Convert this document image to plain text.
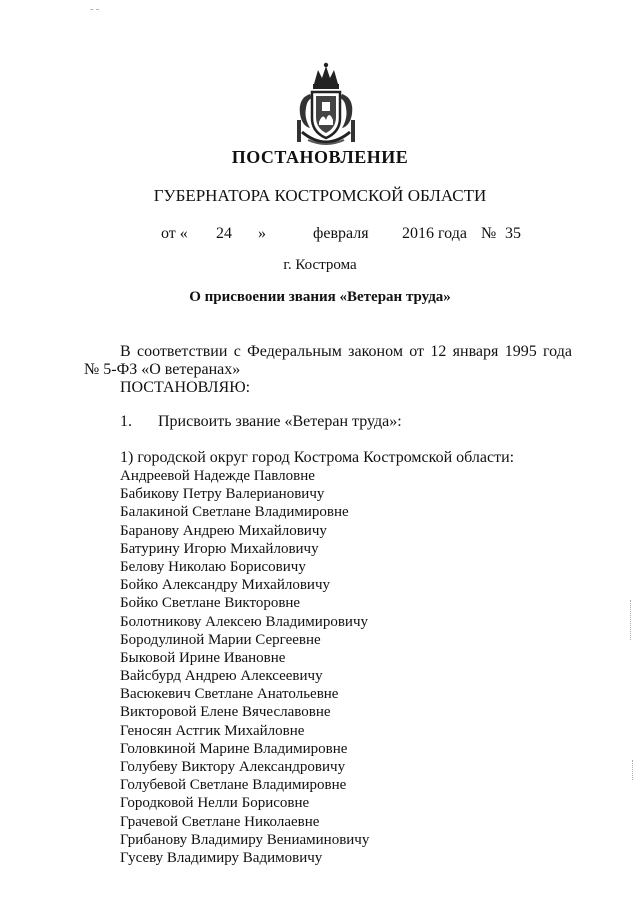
ПОСТАНОВЛЕНИЕ
ГУБЕРНАТОРА КОСТРОМСКОЙ ОБЛАСТИ
от « 24 »	февраля 2016 года № 35
г. Кострома
О присвоении звания «Ветеран труда»
В соответствии с Федеральным законом от 12 января 1995 года
№ 5-ФЗ «О ветеранах»
ПОСТАНОВЛЯЮ:
1. Присвоить звание «Ветеран труда»:
1) городской округ город Кострома Костромской области:
Андреевой Надежде Павловне
Бабикову Петру Валериановичу
Балакиной Светлане Владимировне
Баранову Андрею Михайловичу
Батурину Игорю Михайловичу
Белову Николаю Борисовичу
Бойко Александру Михайловичу
Бойко Светлане Викторовне
Болотникову Алексею Владимировичу
Бородулиной Марии Сергеевне
Быковой Ирине Ивановне
Вайсбурд Андрею Алексеевичу
Васюкевич Светлане Анатольевне
Викторовой Елене Вячеславовне
Геносян Астгик Михайловне
Головкиной Марине Владимировне
Голубеву Виктору Александровичу
Голубевой Светлане Владимировне
Городковой Нелли Борисовне
Грачевой Светлане Николаевне
Грибанову Владимиру Вениаминовичу
Гусеву Владимиру Вадимовичу
- -
